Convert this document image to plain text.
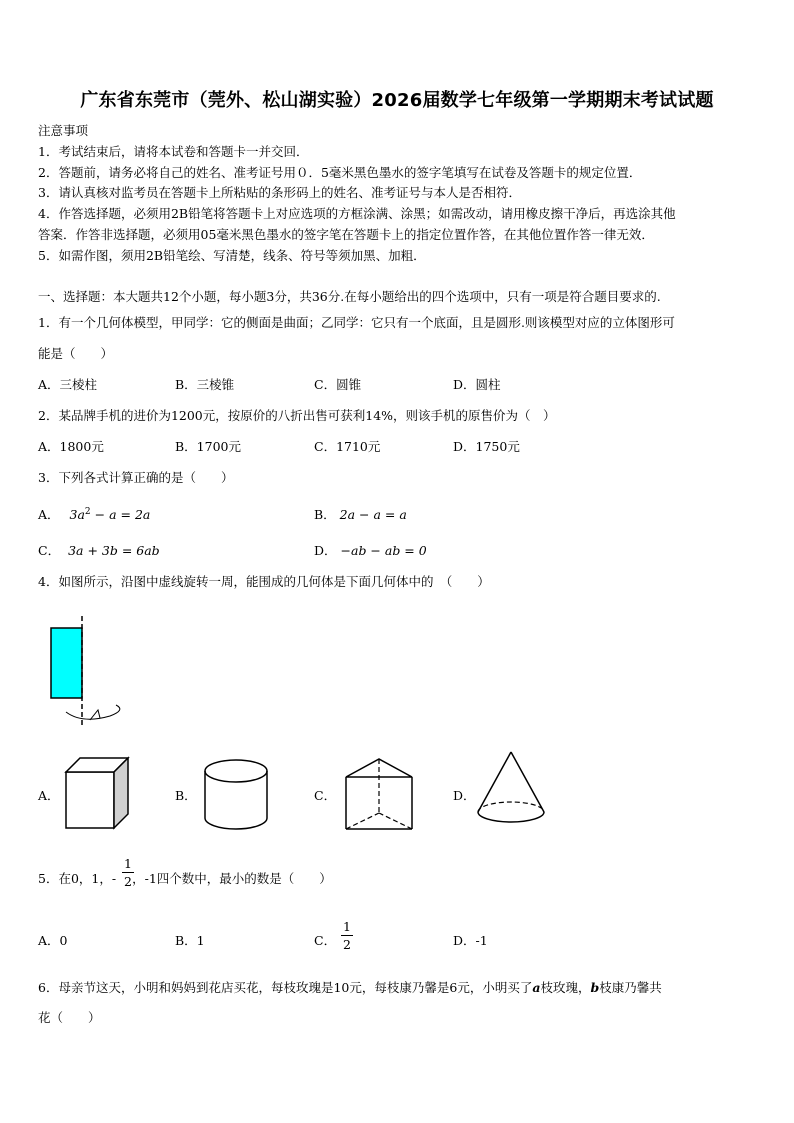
广东省东莞市（莞外、松山湖实验）2026届数学七年级第一学期期末考试试题
注意事项
1．考试结束后，请将本试卷和答题卡一并交回．
2．答题前，请务必将自己的姓名、准考证号用０．5毫米黑色墨水的签字笔填写在试卷及答题卡的规定位置．
3．请认真核对监考员在答题卡上所粘贴的条形码上的姓名、准考证号与本人是否相符．
4．作答选择题，必须用2B铅笔将答题卡上对应选项的方框涂满、涂黑；如需改动，请用橡皮擦干净后，再选涂其他
答案．作答非选择题，必须用05毫米黑色墨水的签字笔在答题卡上的指定位置作答，在其他位置作答一律无效．
5．如需作图，须用2B铅笔绘、写清楚，线条、符号等须加黑、加粗．
一、选择题：本大题共12个小题，每小题3分，共36分.在每小题给出的四个选项中，只有一项是符合题目要求的.
1．有一个几何体模型，甲同学：它的侧面是曲面；乙同学：它只有一个底面，且是圆形.则该模型对应的立体图形可
能是（　　）
A．三棱柱	B．三棱锥	C．圆锥	D．圆柱
2．某品牌手机的进价为1200元，按原价的八折出售可获利14%，则该手机的原售价为（　）
A．1800元	B．1700元	C．1710元	D．1750元
3．下列各式计算正确的是（　　）
A． $3a^2 - a = 2a$	B． 2a − a = a
C． 3a + 3b = 6ab	D． −ab − ab = 0
4．如图所示，沿图中虚线旋转一周，能围成的几何体是下面几何体中的　（　　）
A．	B．	C．	D．
5．在0，1，- ，-1四个数中，最小的数是（　　）
1
2
A．0	B．1	C．
1
2	D．-1
6．母亲节这天，小明和妈妈到花店买花，每枝玫瑰是10元，每枝康乃馨是6元，小明买了a枝玫瑰，b枝康乃馨共
花（　　）
